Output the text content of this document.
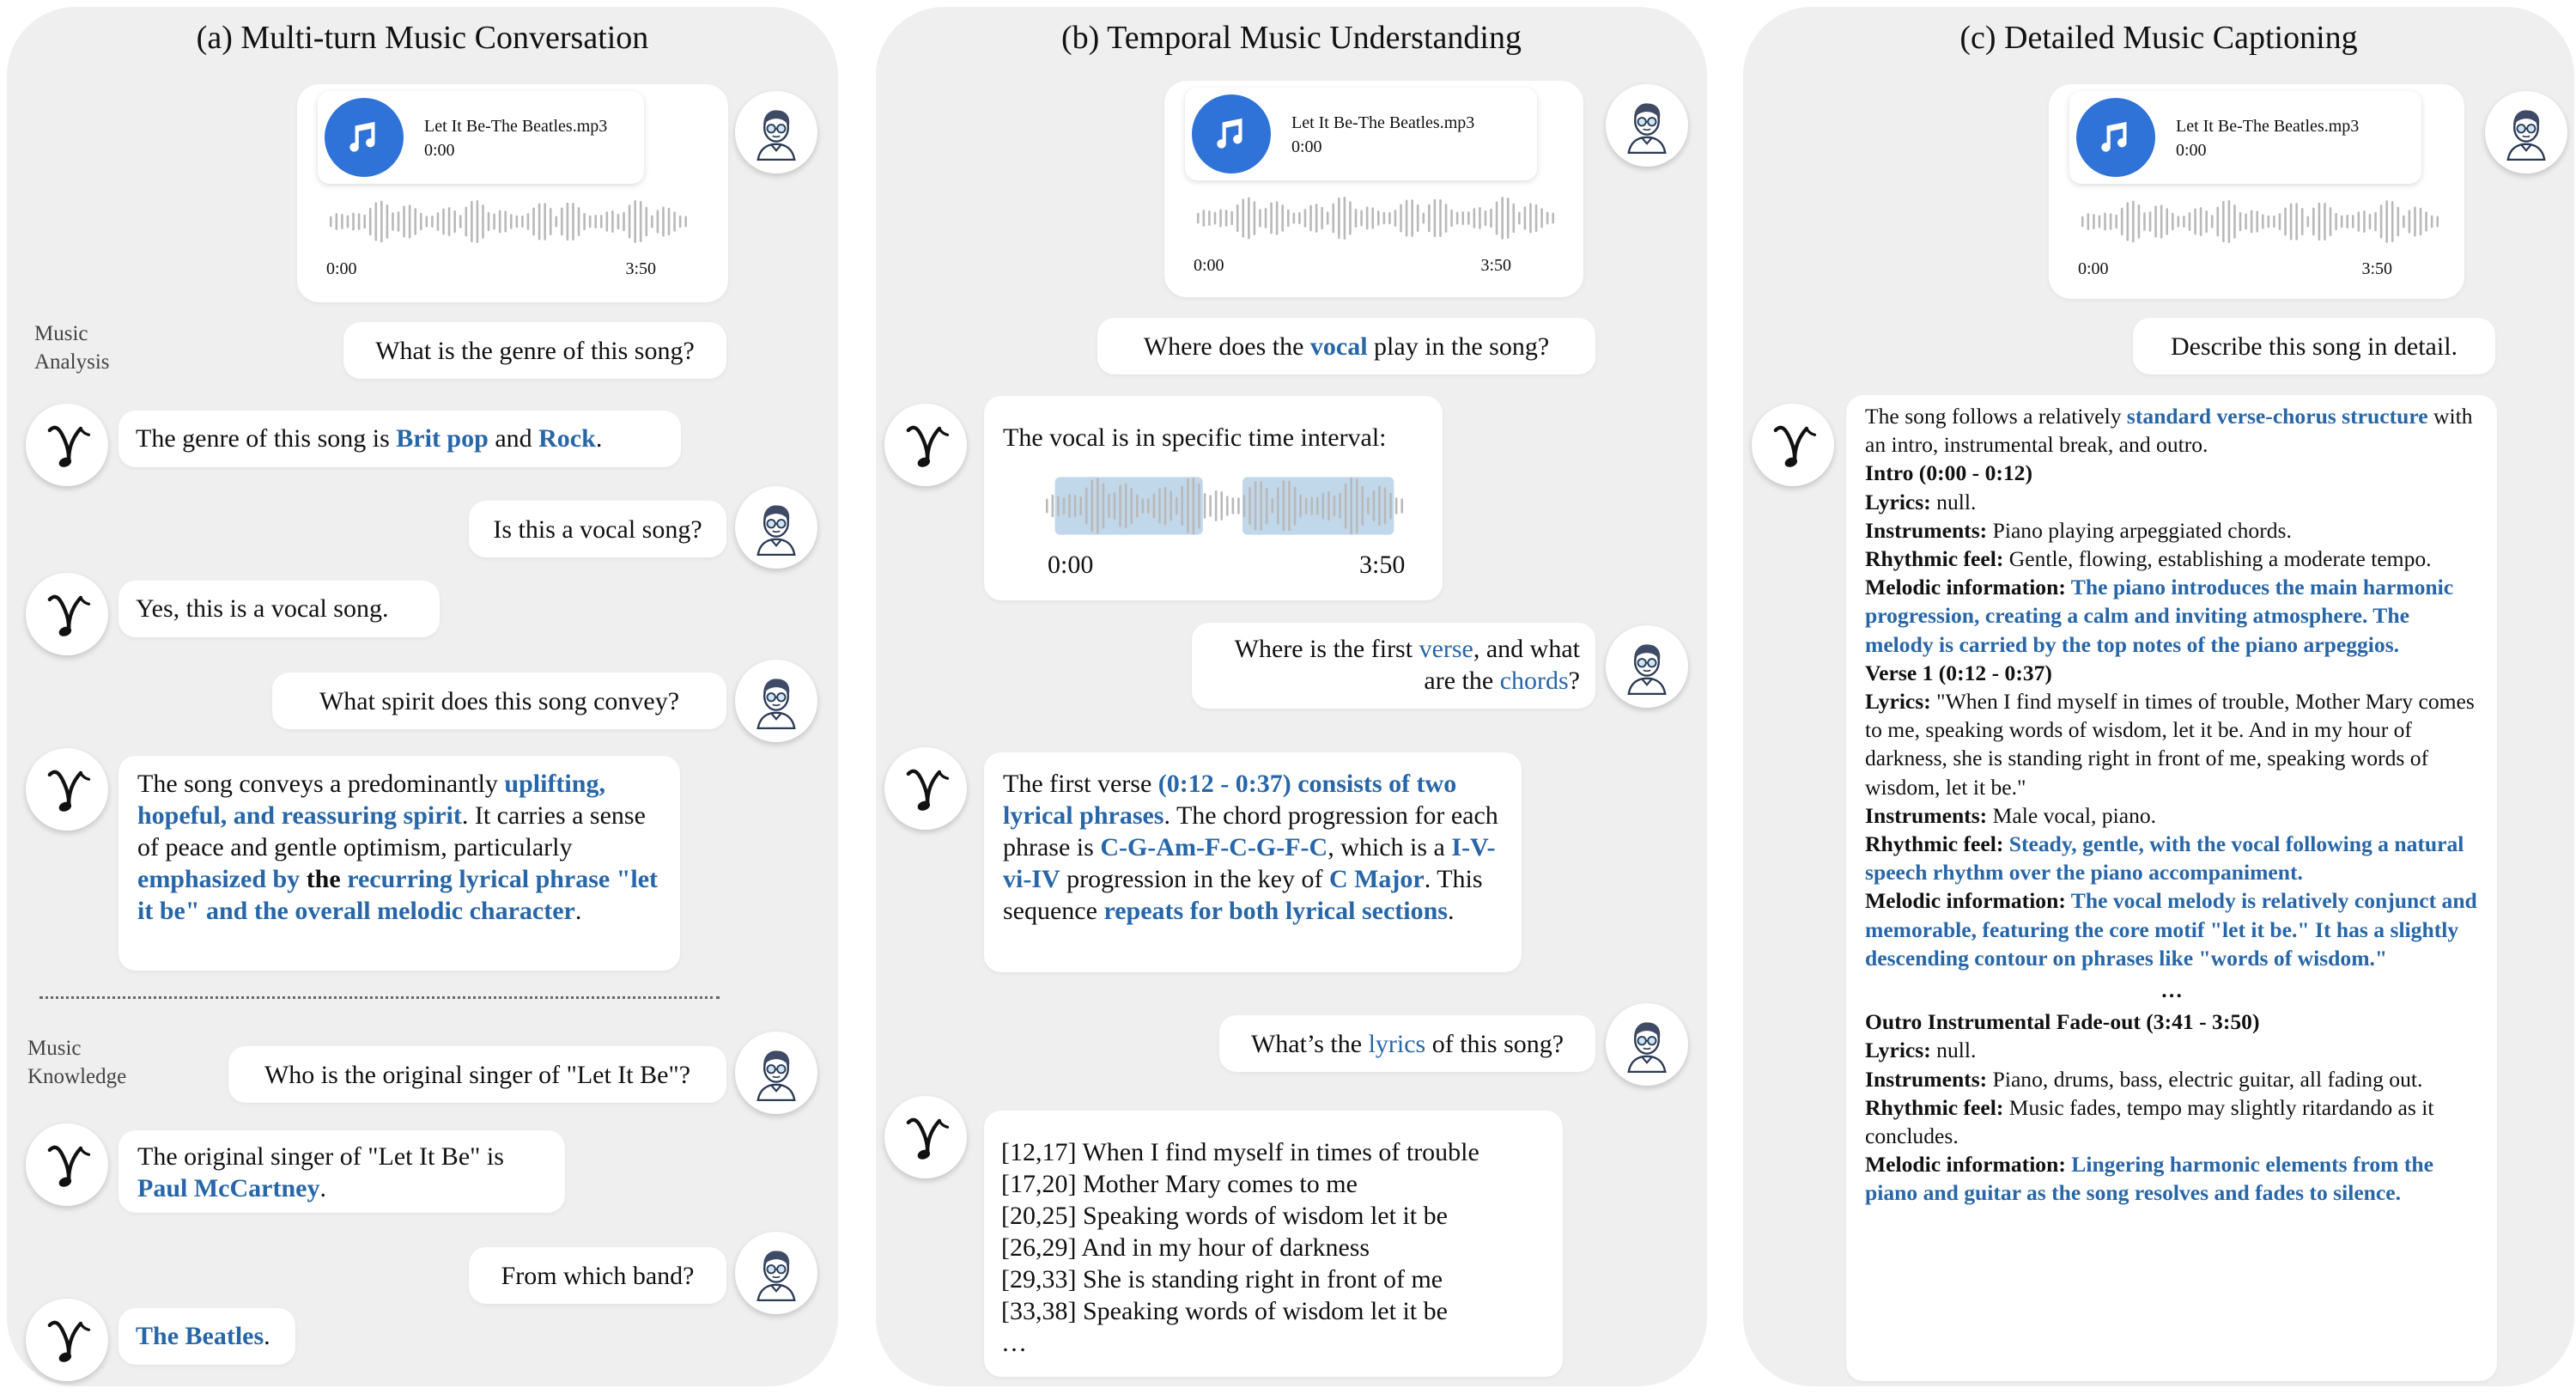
(a) Multi-turn Music Conversation
Let It Be-The Beatles.mp3
0:00
0:00	3:50
Music
Analysis	What is the genre of this song?
The genre of this song is Brit pop and Rock.
Is this a vocal song?
Yes, this is a vocal song.
What spirit does this song convey?
The song conveys a predominantly uplifting, hopeful, and reassuring spirit. It carries a sense of peace and gentle optimism, particularly emphasized by the recurring lyrical phrase "let it be" and the overall melodic character.
Music
Knowledge	Who is the original singer of "Let It Be"?
The original singer of "Let It Be" is Paul McCartney.
From which band?
The Beatles.
(b) Temporal Music Understanding
Let It Be-The Beatles.mp3
0:00
0:00	3:50
Where does the vocal play in the song?
The vocal is in specific time interval:
0:00	3:50
Where is the first verse, and what are the chords?
The first verse (0:12 - 0:37) consists of two lyrical phrases. The chord progression for each phrase is C-G-Am-F-C-G-F-C, which is a I-V-vi-IV progression in the key of C Major. This sequence repeats for both lyrical sections.
What’s the lyrics of this song?
[12,17] When I find myself in times of trouble
[17,20] Mother Mary comes to me
[20,25] Speaking words of wisdom let it be
[26,29] And in my hour of darkness
[29,33] She is standing right in front of me
[33,38] Speaking words of wisdom let it be
…
(c) Detailed Music Captioning
Let It Be-The Beatles.mp3
0:00
0:00	3:50
Describe this song in detail.

The song follows a relatively standard verse-chorus structure with an intro, instrumental break, and outro.

Intro (0:00 - 0:12)

Lyrics: null.

Instruments: Piano playing arpeggiated chords.

Rhythmic feel: Gentle, flowing, establishing a moderate tempo.

Melodic information: The piano introduces the main harmonic progression, creating a calm and inviting atmosphere. The melody is carried by the top notes of the piano arpeggios.

Verse 1 (0:12 - 0:37)

Lyrics: "When I find myself in times of trouble, Mother Mary comes to me, speaking words of wisdom, let it be. And in my hour of darkness, she is standing right in front of me, speaking words of wisdom, let it be."

Instruments: Male vocal, piano.

Rhythmic feel: Steady, gentle, with the vocal following a natural speech rhythm over the piano accompaniment.

Melodic information: The vocal melody is relatively conjunct and memorable, featuring the core motif "let it be." It has a slightly descending contour on phrases like "words of wisdom."

…

Outro Instrumental Fade-out (3:41 - 3:50)

Lyrics: null.

Instruments: Piano, drums, bass, electric guitar, all fading out.

Rhythmic feel: Music fades, tempo may slightly ritardando as it concludes.

Melodic information: Lingering harmonic elements from the piano and guitar as the song resolves and fades to silence.
